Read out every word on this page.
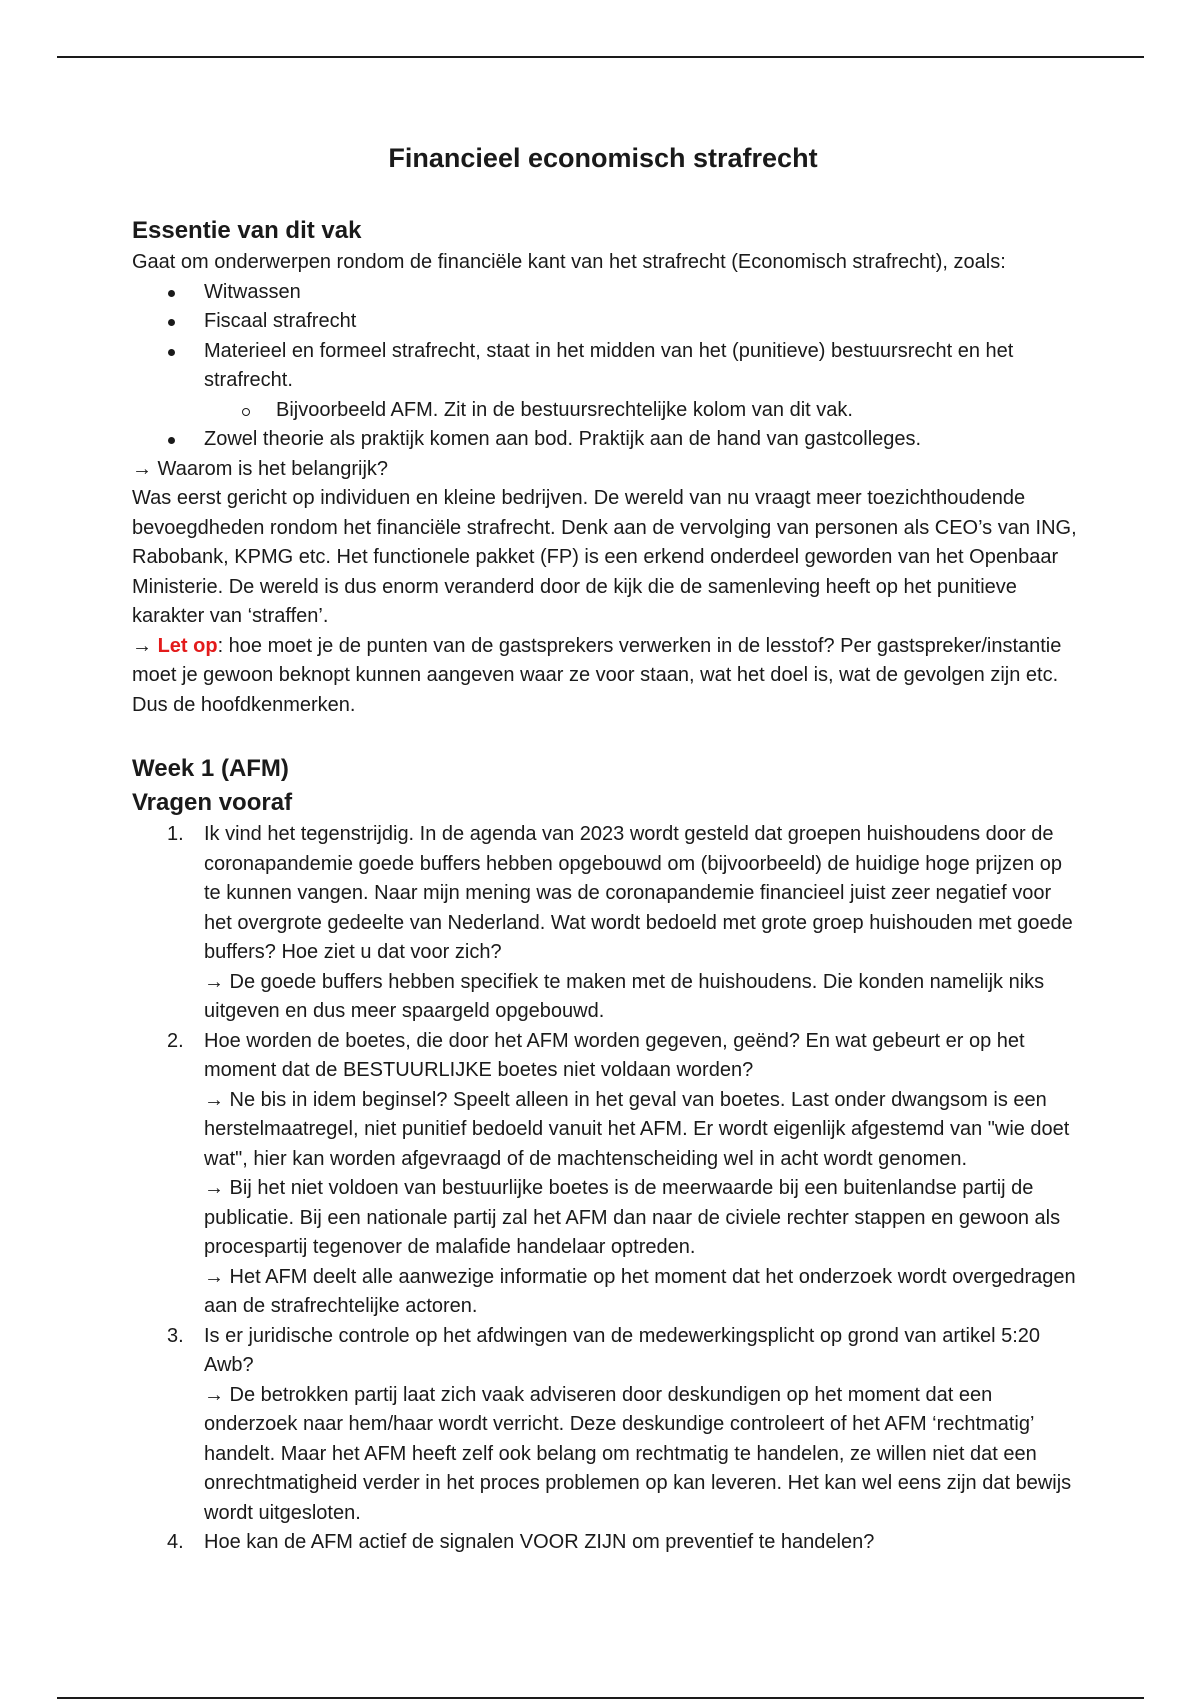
Financieel economisch strafrecht
Essentie van dit vak

Gaat om onderwerpen rondom de financiële kant van het strafrecht (Economisch strafrecht), zoals:

Witwassen
Fiscaal strafrecht
Materieel en formeel strafrecht, staat in het midden van het (punitieve) bestuursrecht en het strafrecht.
Bijvoorbeeld AFM. Zit in de bestuursrechtelijke kolom van dit vak.
Zowel theorie als praktijk komen aan bod. Praktijk aan de hand van gastcolleges.

→ Waarom is het belangrijk?

Was eerst gericht op individuen en kleine bedrijven. De wereld van nu vraagt meer toezichthoudende bevoegdheden rondom het financiële strafrecht. Denk aan de vervolging van personen als CEO’s van ING, Rabobank, KPMG etc. Het functionele pakket (FP) is een erkend onderdeel geworden van het Openbaar Ministerie. De wereld is dus enorm veranderd door de kijk die de samenleving heeft op het punitieve karakter van ‘straffen’.

→ Let op: hoe moet je de punten van de gastsprekers verwerken in de lesstof? Per gastspreker/instantie moet je gewoon beknopt kunnen aangeven waar ze voor staan, wat het doel is, wat de gevolgen zijn etc. Dus de hoofdkenmerken.

Week 1 (AFM)
Vragen vooraf
1. Ik vind het tegenstrijdig. In de agenda van 2023 wordt gesteld dat groepen huishoudens door de coronapandemie goede buffers hebben opgebouwd om (bijvoorbeeld) de huidige hoge prijzen op te kunnen vangen. Naar mijn mening was de coronapandemie financieel juist zeer negatief voor het overgrote gedeelte van Nederland. Wat wordt bedoeld met grote groep huishouden met goede buffers? Hoe ziet u dat voor zich?
→ De goede buffers hebben specifiek te maken met de huishoudens. Die konden namelijk niks uitgeven en dus meer spaargeld opgebouwd.
2. Hoe worden de boetes, die door het AFM worden gegeven, geënd? En wat gebeurt er op het moment dat de BESTUURLIJKE boetes niet voldaan worden?
→ Ne bis in idem beginsel? Speelt alleen in het geval van boetes. Last onder dwangsom is een herstelmaatregel, niet punitief bedoeld vanuit het AFM. Er wordt eigenlijk afgestemd van "wie doet wat", hier kan worden afgevraagd of de machtenscheiding wel in acht wordt genomen.
→ Bij het niet voldoen van bestuurlijke boetes is de meerwaarde bij een buitenlandse partij de publicatie. Bij een nationale partij zal het AFM dan naar de civiele rechter stappen en gewoon als procespartij tegenover de malafide handelaar optreden.
→ Het AFM deelt alle aanwezige informatie op het moment dat het onderzoek wordt overgedragen aan de strafrechtelijke actoren.
3. Is er juridische controle op het afdwingen van de medewerkingsplicht op grond van artikel 5:20 Awb?
→ De betrokken partij laat zich vaak adviseren door deskundigen op het moment dat een onderzoek naar hem/haar wordt verricht. Deze deskundige controleert of het AFM ‘rechtmatig’ handelt. Maar het AFM heeft zelf ook belang om rechtmatig te handelen, ze willen niet dat een onrechtmatigheid verder in het proces problemen op kan leveren. Het kan wel eens zijn dat bewijs wordt uitgesloten.
4. Hoe kan de AFM actief de signalen VOOR ZIJN om preventief te handelen?
